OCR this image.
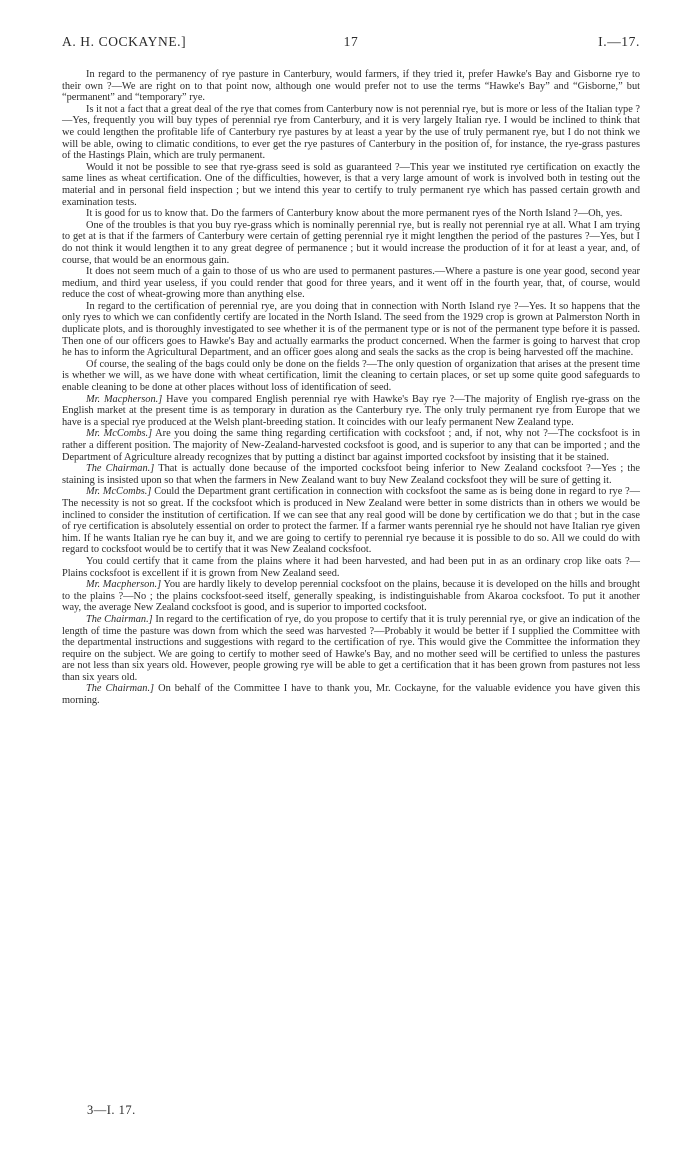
A. H. COCKAYNE.]	17	I.—17.

In regard to the permanency of rye pasture in Canterbury, would farmers, if they tried it, prefer Hawke's Bay and Gisborne rye to their own ?—We are right on to that point now, although one would prefer not to use the terms “Hawke's Bay” and “Gisborne,” but “permanent” and “temporary” rye.

Is it not a fact that a great deal of the rye that comes from Canterbury now is not perennial rye, but is more or less of the Italian type ?—Yes, frequently you will buy types of perennial rye from Canterbury, and it is very largely Italian rye. I would be inclined to think that we could lengthen the profitable life of Canterbury rye pastures by at least a year by the use of truly permanent rye, but I do not think we will be able, owing to climatic conditions, to ever get the rye pastures of Canterbury in the position of, for instance, the rye-grass pastures of the Hastings Plain, which are truly permanent.

Would it not be possible to see that rye-grass seed is sold as guaranteed ?—This year we instituted rye certification on exactly the same lines as wheat certification. One of the difficulties, however, is that a very large amount of work is involved both in testing out the material and in personal field inspection ; but we intend this year to certify to truly permanent rye which has passed certain growth and examination tests.

It is good for us to know that. Do the farmers of Canterbury know about the more permanent ryes of the North Island ?—Oh, yes.

One of the troubles is that you buy rye-grass which is nominally perennial rye, but is really not perennial rye at all. What I am trying to get at is that if the farmers of Canterbury were certain of getting perennial rye it might lengthen the period of the pastures ?—Yes, but I do not think it would lengthen it to any great degree of permanence ; but it would increase the production of it for at least a year, and, of course, that would be an enormous gain.

It does not seem much of a gain to those of us who are used to permanent pastures.—Where a pasture is one year good, second year medium, and third year useless, if you could render that good for three years, and it went off in the fourth year, that, of course, would reduce the cost of wheat-growing more than anything else.

In regard to the certification of perennial rye, are you doing that in connection with North Island rye ?—Yes. It so happens that the only ryes to which we can confidently certify are located in the North Island. The seed from the 1929 crop is grown at Palmerston North in duplicate plots, and is thoroughly investigated to see whether it is of the permanent type or is not of the permanent type before it is passed. Then one of our officers goes to Hawke's Bay and actually earmarks the product concerned. When the farmer is going to harvest that crop he has to inform the Agricultural Department, and an officer goes along and seals the sacks as the crop is being harvested off the machine.

Of course, the sealing of the bags could only be done on the fields ?—The only question of organization that arises at the present time is whether we will, as we have done with wheat certification, limit the cleaning to certain places, or set up some quite good safeguards to enable cleaning to be done at other places without loss of identification of seed.

Mr. Macpherson.] Have you compared English perennial rye with Hawke's Bay rye ?—The majority of English rye-grass on the English market at the present time is as temporary in duration as the Canterbury rye. The only truly permanent rye from Europe that we have is a special rye produced at the Welsh plant-breeding station. It coincides with our leafy permanent New Zealand type.

Mr. McCombs.] Are you doing the same thing regarding certification with cocksfoot ; and, if not, why not ?—The cocksfoot is in rather a different position. The majority of New-Zealand-harvested cocksfoot is good, and is superior to any that can be imported ; and the Department of Agriculture already recognizes that by putting a distinct bar against imported cocksfoot by insisting that it be stained.

The Chairman.] That is actually done because of the imported cocksfoot being inferior to New Zealand cocksfoot ?—Yes ; the staining is insisted upon so that when the farmers in New Zealand want to buy New Zealand cocksfoot they will be sure of getting it.

Mr. McCombs.] Could the Department grant certification in connection with cocksfoot the same as is being done in regard to rye ?—The necessity is not so great. If the cocksfoot which is produced in New Zealand were better in some districts than in others we would be inclined to consider the institution of certification. If we can see that any real good will be done by certification we do that ; but in the case of rye certification is absolutely essential on order to protect the farmer. If a farmer wants perennial rye he should not have Italian rye given him. If he wants Italian rye he can buy it, and we are going to certify to perennial rye because it is possible to do so. All we could do with regard to cocksfoot would be to certify that it was New Zealand cocksfoot.

You could certify that it came from the plains where it had been harvested, and had been put in as an ordinary crop like oats ?—Plains cocksfoot is excellent if it is grown from New Zealand seed.

Mr. Macpherson.] You are hardly likely to develop perennial cocksfoot on the plains, because it is developed on the hills and brought to the plains ?—No ; the plains cocksfoot-seed itself, generally speaking, is indistinguishable from Akaroa cocksfoot. To put it another way, the average New Zealand cocksfoot is good, and is superior to imported cocksfoot.

The Chairman.] In regard to the certification of rye, do you propose to certify that it is truly perennial rye, or give an indication of the length of time the pasture was down from which the seed was harvested ?—Probably it would be better if I supplied the Committee with the departmental instructions and suggestions with regard to the certification of rye. This would give the Committee the information they require on the subject. We are going to certify to mother seed of Hawke's Bay, and no mother seed will be certified to unless the pastures are not less than six years old. However, people growing rye will be able to get a certification that it has been grown from pastures not less than six years old.

The Chairman.] On behalf of the Committee I have to thank you, Mr. Cockayne, for the valuable evidence you have given this morning.

3—I. 17.
